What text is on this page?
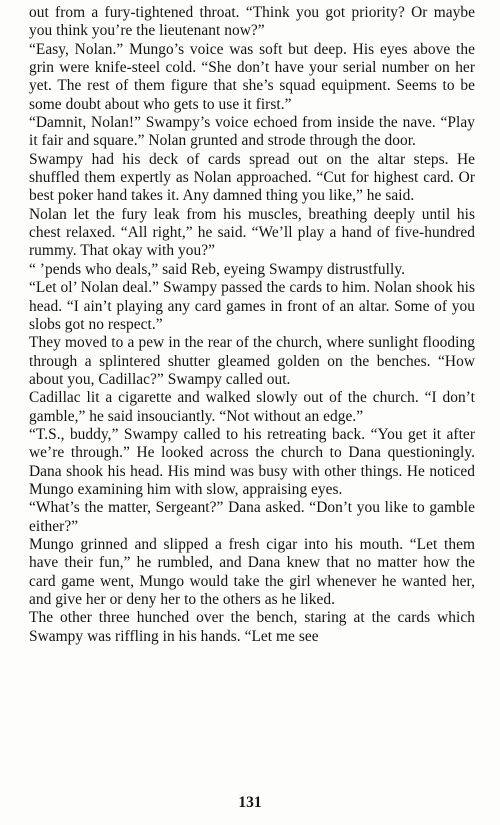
out from a fury-tightened throat. “Think you got priority? Or maybe you think you’re the lieutenant now?”

“Easy, Nolan.” Mungo’s voice was soft but deep. His eyes above the grin were knife-steel cold. “She don’t have your serial number on her yet. The rest of them figure that she’s squad equipment. Seems to be some doubt about who gets to use it first.”

“Damnit, Nolan!” Swampy’s voice echoed from inside the nave. “Play it fair and square.” Nolan grunted and strode through the door.

Swampy had his deck of cards spread out on the altar steps. He shuffled them expertly as Nolan approached. “Cut for highest card. Or best poker hand takes it. Any damned thing you like,” he said.

Nolan let the fury leak from his muscles, breathing deeply until his chest relaxed. “All right,” he said. “We’ll play a hand of five-hundred rummy. That okay with you?”

“ ’pends who deals,” said Reb, eyeing Swampy distrustfully.

“Let ol’ Nolan deal.” Swampy passed the cards to him. Nolan shook his head. “I ain’t playing any card games in front of an altar. Some of you slobs got no respect.”

They moved to a pew in the rear of the church, where sunlight flooding through a splintered shutter gleamed golden on the benches. “How about you, Cadillac?” Swampy called out.

Cadillac lit a cigarette and walked slowly out of the church. “I don’t gamble,” he said insouciantly. “Not without an edge.”

“T.S., buddy,” Swampy called to his retreating back. “You get it after we’re through.” He looked across the church to Dana questioningly. Dana shook his head. His mind was busy with other things. He noticed Mungo examining him with slow, appraising eyes.

“What’s the matter, Sergeant?” Dana asked. “Don’t you like to gamble either?”

Mungo grinned and slipped a fresh cigar into his mouth. “Let them have their fun,” he rumbled, and Dana knew that no matter how the card game went, Mungo would take the girl whenever he wanted her, and give her or deny her to the others as he liked.

The other three hunched over the bench, staring at the cards which Swampy was riffling in his hands. “Let me see

131
